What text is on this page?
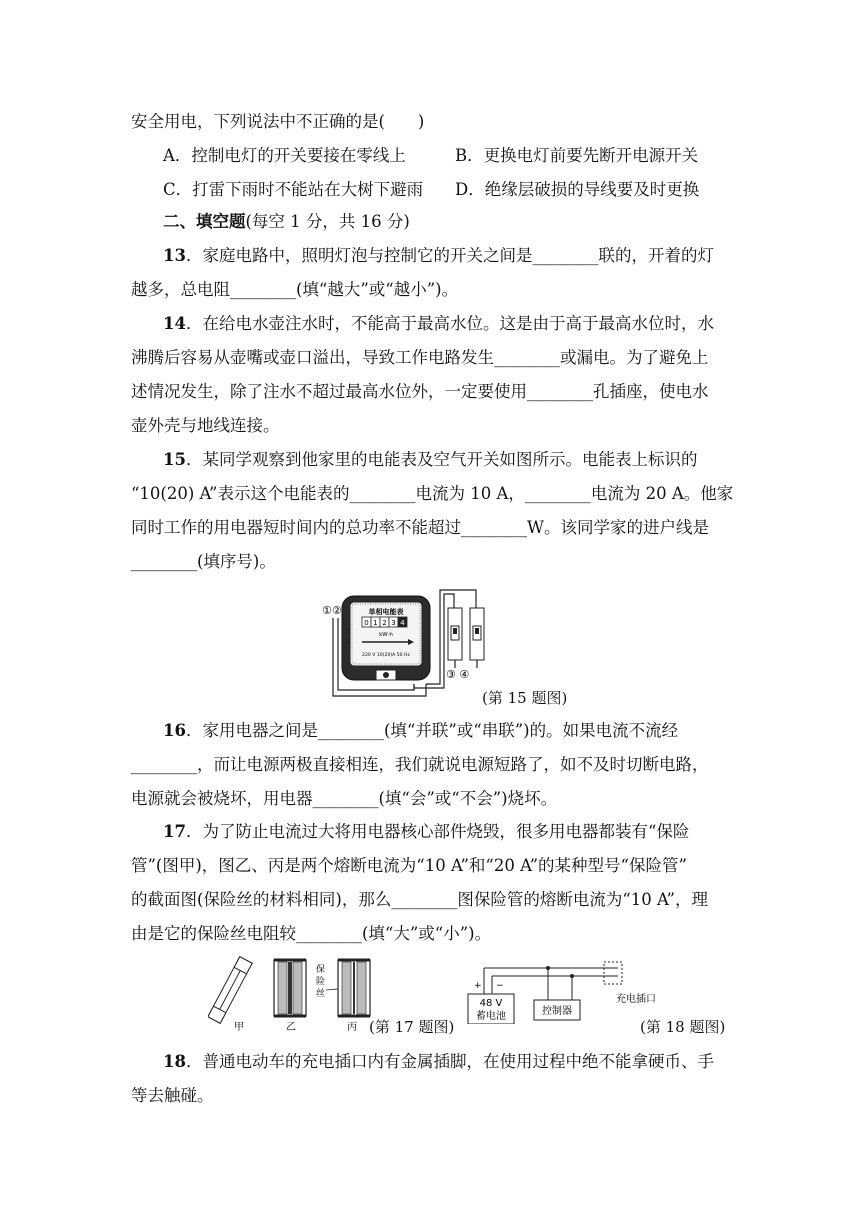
安全用电，下列说法中不正确的是(　　)
A．控制电灯的开关要接在零线上	B．更换电灯前要先断开电源开关
C．打雷下雨时不能站在大树下避雨 D．绝缘层破损的导线要及时更换
二、填空题(每空 1 分，共 16 分)
13．家庭电路中，照明灯泡与控制它的开关之间是________联的，开着的灯
越多，总电阻________(填“越大”或“越小”)。
14．在给电水壶注水时，不能高于最高水位。这是由于高于最高水位时，水
沸腾后容易从壶嘴或壶口溢出，导致工作电路发生________或漏电。为了避免上
述情况发生，除了注水不超过最高水位外，一定要使用________孔插座，使电水
壶外壳与地线连接。
15．某同学观察到他家里的电能表及空气开关如图所示。电能表上标识的
“10(20) A”表示这个电能表的________电流为 10 A，________电流为 20 A。他家
同时工作的用电器短时间内的总功率不能超过________W。该同学家的进户线是
________(填序号)。
①②	单相电能表
0 1 2 3 4
kW·h
220 V 10(20)A 50 Hz
③ ④
(第 15 题图)
16．家用电器之间是________(填“并联”或“串联”)的。如果电流不流经
________，而让电源两极直接相连，我们就说电源短路了，如不及时切断电路，
电源就会被烧坏，用电器________(填“会”或“不会”)烧坏。
17．为了防止电流过大将用电器核心部件烧毁，很多用电器都装有“保险
管”(图甲)，图乙、丙是两个熔断电流为“10 A”和“20 A”的某种型号“保险管”
的截面图(保险丝的材料相同)，那么________图保险管的熔断电流为“10 A”，理
由是它的保险丝电阻较________(填“大”或“小”)。
甲	乙
保
险
丝
丙 (第 17 题图)
+ −
48 V
蓄电池	控制器
充电插口
(第 18 题图)
18．普通电动车的充电插口内有金属插脚，在使用过程中绝不能拿硬币、手
等去触碰。
